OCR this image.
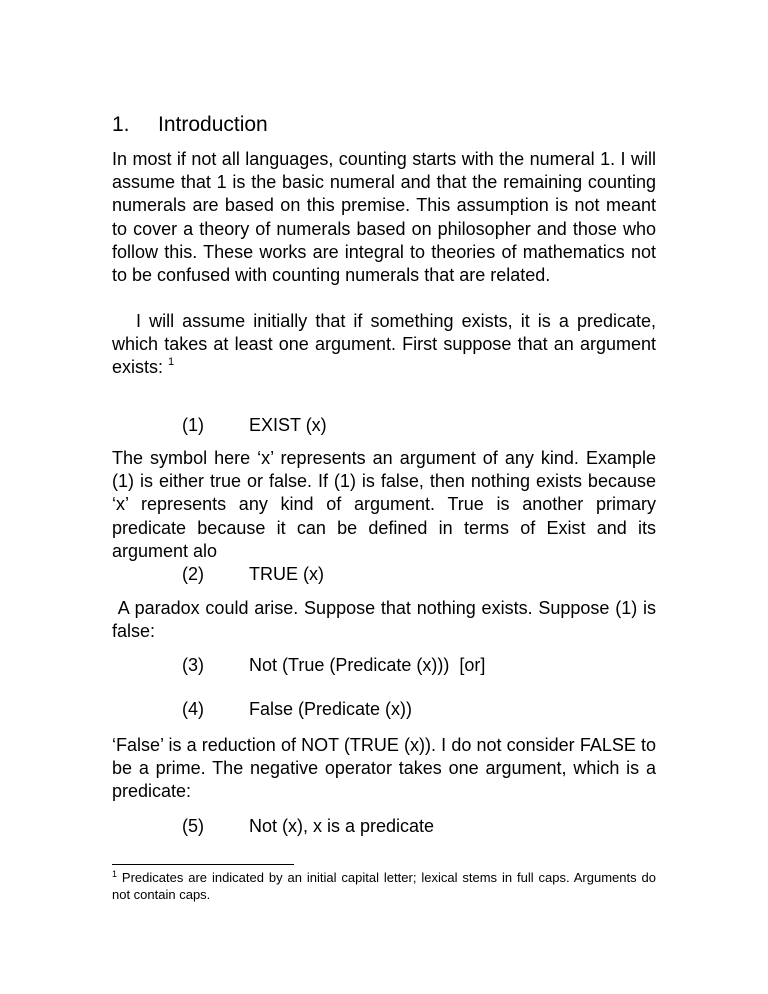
1.	Introduction

In most if not all languages, counting starts with the numeral 1. I will assume that 1 is the basic numeral and that the remaining counting numerals are based on this premise. This assumption is not meant to cover a theory of numerals based on philosopher and those who follow this. These works are integral to theories of mathematics not to be confused with counting numerals that are related.

I will assume initially that if something exists, it is a predicate, which takes at least one argument. First suppose that an argument exists: $^1$

(1)	EXIST (x)

The symbol here ‘x’ represents an argument of any kind. Example (1) is either true or false. If (1) is false, then nothing exists because ‘x’ represents any kind of argument. True is another primary predicate because it can be defined in terms of Exist and its argument alo

(2)	TRUE (x)

A paradox could arise. Suppose that nothing exists. Suppose (1) is false:

(3)	Not (True (Predicate (x)))  [or]
(4)	False (Predicate (x))

‘False’ is a reduction of NOT (TRUE (x)). I do not consider FALSE to be a prime. The negative operator takes one argument, which is a predicate:

(5)	Not (x), x is a predicate

$^1$ Predicates are indicated by an initial capital letter; lexical stems in full caps. Arguments do not contain caps.
